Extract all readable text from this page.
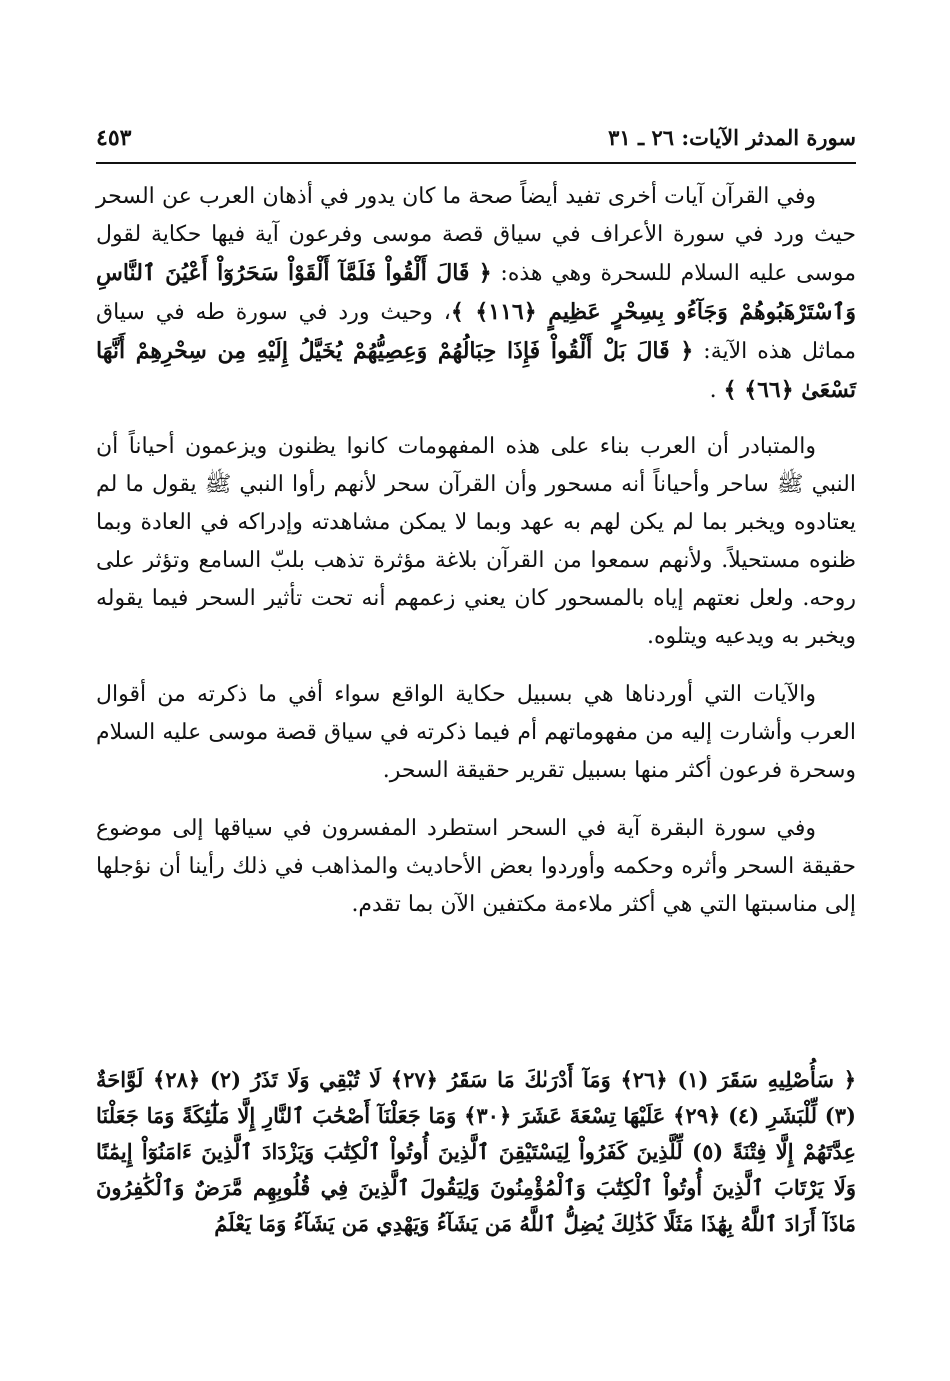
سورة المدثر الآيات: ٢٦ ـ ٣١
٤٥٣

وفي القرآن آيات أخرى تفيد أيضاً صحة ما كان يدور في أذهان العرب عن السحر حيث ورد في سورة الأعراف في سياق قصة موسى وفرعون آية فيها حكاية لقول موسى عليه السلام للسحرة وهي هذه: ﴿ قَالَ أَلْقُواْ فَلَمَّآ أَلْقَوْاْ سَحَرُوٓاْ أَعْيُنَ ٱلنَّاسِ وَٱسْتَرْهَبُوهُمْ وَجَآءُو بِسِحْرٍ عَظِيمٍ ﴿١١٦﴾ ﴾، وحيث ورد في سورة طه في سياق مماثل هذه الآية: ﴿ قَالَ بَلْ أَلْقُواْ فَإِذَا حِبَالُهُمْ وَعِصِيُّهُمْ يُخَيَّلُ إِلَيْهِ مِن سِحْرِهِمْ أَنَّهَا تَسْعَىٰ ﴿٦٦﴾ ﴾ .

والمتبادر أن العرب بناء على هذه المفهومات كانوا يظنون ويزعمون أحياناً أن النبي ﷺ ساحر وأحياناً أنه مسحور وأن القرآن سحر لأنهم رأوا النبي ﷺ يقول ما لم يعتادوه ويخبر بما لم يكن لهم به عهد وبما لا يمكن مشاهدته وإدراكه في العادة وبما ظنوه مستحيلاً. ولأنهم سمعوا من القرآن بلاغة مؤثرة تذهب بلبّ السامع وتؤثر على روحه. ولعل نعتهم إياه بالمسحور كان يعني زعمهم أنه تحت تأثير السحر فيما يقوله ويخبر به ويدعيه ويتلوه.

والآيات التي أوردناها هي بسبيل حكاية الواقع سواء أفي ما ذكرته من أقوال العرب وأشارت إليه من مفهوماتهم أم فيما ذكرته في سياق قصة موسى عليه السلام وسحرة فرعون أكثر منها بسبيل تقرير حقيقة السحر.

وفي سورة البقرة آية في السحر استطرد المفسرون في سياقها إلى موضوع حقيقة السحر وأثره وحكمه وأوردوا بعض الأحاديث والمذاهب في ذلك رأينا أن نؤجلها إلى مناسبتها التي هي أكثر ملاءمة مكتفين الآن بما تقدم.

﴿ سَأُصْلِيهِ سَقَرَ (١) ﴿٢٦﴾ وَمَآ أَدْرَىٰكَ مَا سَقَرُ ﴿٢٧﴾ لَا تُبْقِي وَلَا تَذَرُ (٢) ﴿٢٨﴾ لَوَّاحَةٌ (٣) لِّلْبَشَرِ (٤) ﴿٢٩﴾ عَلَيْهَا تِسْعَةَ عَشَرَ ﴿٣٠﴾ وَمَا جَعَلْنَآ أَصْحَٰبَ ٱلنَّارِ إِلَّا مَلَٰٓئِكَةً وَمَا جَعَلْنَا عِدَّتَهُمْ إِلَّا فِتْنَةً (٥) لِّلَّذِينَ كَفَرُواْ لِيَسْتَيْقِنَ ٱلَّذِينَ أُوتُواْ ٱلْكِتَٰبَ وَيَزْدَادَ ٱلَّذِينَ ءَامَنُوٓاْ إِيمَٰنًا وَلَا يَرْتَابَ ٱلَّذِينَ أُوتُواْ ٱلْكِتَٰبَ وَٱلْمُؤْمِنُونَ وَلِيَقُولَ ٱلَّذِينَ فِي قُلُوبِهِم مَّرَضٌ وَٱلْكَٰفِرُونَ مَاذَآ أَرَادَ ٱللَّهُ بِهَٰذَا مَثَلًا كَذَٰلِكَ يُضِلُّ ٱللَّهُ مَن يَشَآءُ وَيَهْدِي مَن يَشَآءُ وَمَا يَعْلَمُ
